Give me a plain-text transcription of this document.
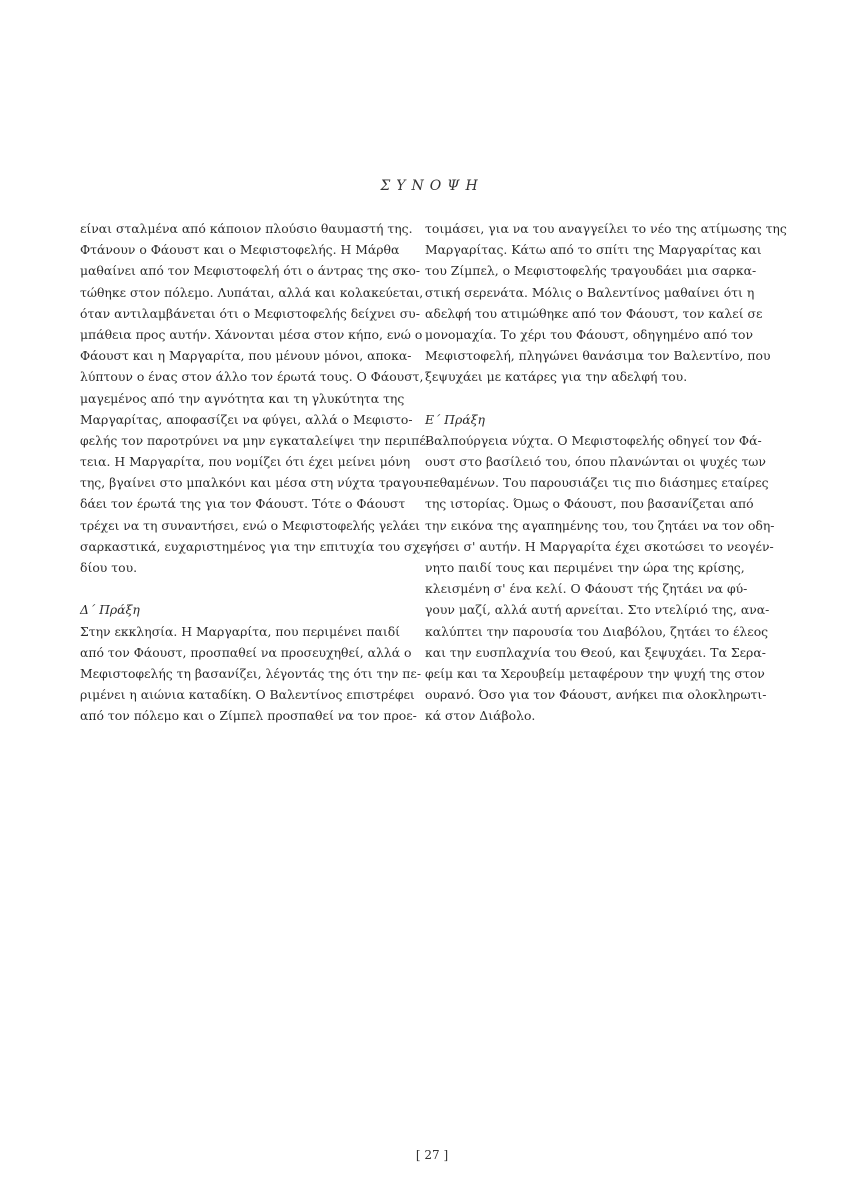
ΣΥΝΟΨΗ
είναι σταλμένα από κάποιον πλούσιο θαυμαστή της.
Φτάνουν ο Φάουστ και ο Μεφιστοφελής. Η Μάρθα
μαθαίνει από τον Μεφιστοφελή ότι ο άντρας της σκο-
τώθηκε στον πόλεμο. Λυπάται, αλλά και κολακεύεται,
όταν αντιλαμβάνεται ότι ο Μεφιστοφελής δείχνει συ-
μπάθεια προς αυτήν. Χάνονται μέσα στον κήπο, ενώ ο
Φάουστ και η Μαργαρίτα, που μένουν μόνοι, αποκα-
λύπτουν ο ένας στον άλλο τον έρωτά τους. Ο Φάουστ,
μαγεμένος από την αγνότητα και τη γλυκύτητα της
Μαργαρίτας, αποφασίζει να φύγει, αλλά ο Μεφιστο-
φελής τον παροτρύνει να μην εγκαταλείψει την περιπέ-
τεια. Η Μαργαρίτα, που νομίζει ότι έχει μείνει μόνη
της, βγαίνει στο μπαλκόνι και μέσα στη νύχτα τραγου-
δάει τον έρωτά της για τον Φάουστ. Τότε ο Φάουστ
τρέχει να τη συναντήσει, ενώ ο Μεφιστοφελής γελάει
σαρκαστικά, ευχαριστημένος για την επιτυχία του σχε-
δίου του.
Δ΄ Πράξη
Στην εκκλησία. Η Μαργαρίτα, που περιμένει παιδί
από τον Φάουστ, προσπαθεί να προσευχηθεί, αλλά ο
Μεφιστοφελής τη βασανίζει, λέγοντάς της ότι την πε-
ριμένει η αιώνια καταδίκη. Ο Βαλεντίνος επιστρέφει
από τον πόλεμο και ο Ζίμπελ προσπαθεί να τον προε-
τοιμάσει, για να του αναγγείλει το νέο της ατίμωσης της
Μαργαρίτας. Κάτω από το σπίτι της Μαργαρίτας και
του Ζίμπελ, ο Μεφιστοφελής τραγουδάει μια σαρκα-
στική σερενάτα. Μόλις ο Βαλεντίνος μαθαίνει ότι η
αδελφή του ατιμώθηκε από τον Φάουστ, τον καλεί σε
μονομαχία. Το χέρι του Φάουστ, οδηγημένο από τον
Μεφιστοφελή, πληγώνει θανάσιμα τον Βαλεντίνο, που
ξεψυχάει με κατάρες για την αδελφή του.
Ε΄ Πράξη
Βαλπούργεια νύχτα. Ο Μεφιστοφελής οδηγεί τον Φά-
ουστ στο βασίλειό του, όπου πλανώνται οι ψυχές των
πεθαμένων. Του παρουσιάζει τις πιο διάσημες εταίρες
της ιστορίας. Όμως ο Φάουστ, που βασανίζεται από
την εικόνα της αγαπημένης του, του ζητάει να τον οδη-
γήσει σ' αυτήν. Η Μαργαρίτα έχει σκοτώσει το νεογέν-
νητο παιδί τους και περιμένει την ώρα της κρίσης,
κλεισμένη σ' ένα κελί. Ο Φάουστ τής ζητάει να φύ-
γουν μαζί, αλλά αυτή αρνείται. Στο ντελίριό της, ανα-
καλύπτει την παρουσία του Διαβόλου, ζητάει το έλεος
και την ευσπλαχνία του Θεού, και ξεψυχάει. Τα Σερα-
φείμ και τα Χερουβείμ μεταφέρουν την ψυχή της στον
ουρανό. Όσο για τον Φάουστ, ανήκει πια ολοκληρωτι-
κά στον Διάβολο.
[ 27 ]
